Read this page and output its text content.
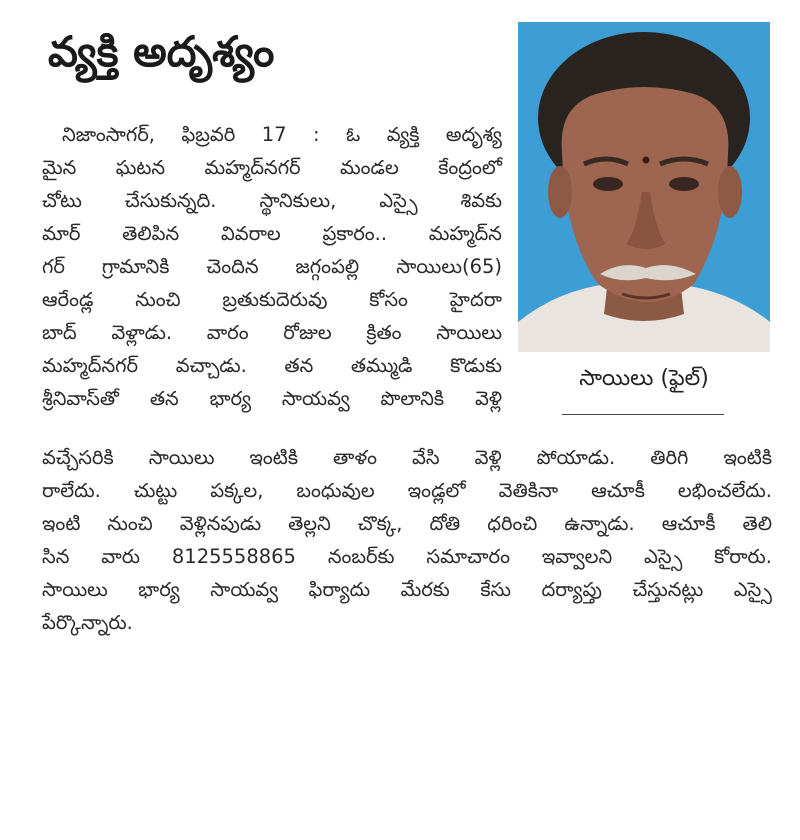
వ్యక్తి అదృశ్యం
సాయిలు (ఫైల్)
నిజాంసాగర్, ఫిబ్రవరి 17 : ఓ వ్యక్తి అదృశ్య
మైన ఘటన మహ్మద్‌నగర్ మండల కేంద్రంలో
చోటు చేసుకున్నది. స్థానికులు, ఎస్సై శివకు
మార్ తెలిపిన వివరాల ప్రకారం.. మహ్మద్‌న
గర్ గ్రామానికి చెందిన జగ్గంపల్లి సాయిలు(65)
ఆరేండ్ల నుంచి బ్రతుకుదెరువు కోసం హైదరా
బాద్ వెళ్లాడు. వారం రోజుల క్రితం సాయిలు
మహ్మద్‌నగర్ వచ్చాడు. తన తమ్ముడి కొడుకు
శ్రీనివాస్‌తో తన భార్య సాయవ్వ పొలానికి వెళ్లి
వచ్చేసరికి సాయిలు ఇంటికి తాళం వేసి వెళ్లి పోయాడు. తిరిగి ఇంటికి
రాలేదు. చుట్టు పక్కల, బంధువుల ఇండ్లలో వెతికినా ఆచూకీ లభించలేదు.
ఇంటి నుంచి వెళ్లినపుడు తెల్లని చొక్క, దోతి ధరించి ఉన్నాడు. ఆచూకీ తెలి
సిన వారు 8125558865 నంబర్‌కు సమాచారం ఇవ్వాలని ఎస్సై కోరారు.
సాయిలు భార్య సాయవ్వ ఫిర్యాదు మేరకు కేసు దర్యాప్తు చేస్తునట్లు ఎస్సై
పేర్కొన్నారు.
